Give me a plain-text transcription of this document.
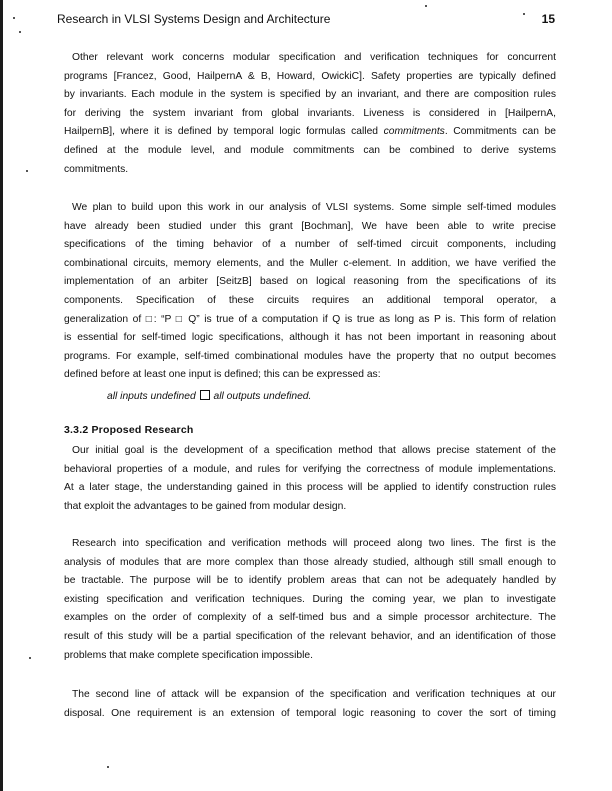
Research in VLSI Systems Design and Architecture	15
Other relevant work concerns modular specification and verification techniques for concurrent
programs [Francez, Good, HailpernA & B, Howard, OwickiC]. Safety properties are typically defined
by invariants. Each module in the system is specified by an invariant, and there are composition rules
for deriving the system invariant from global invariants. Liveness is considered in [HailpernA,
HailpernB], where it is defined by temporal logic formulas called commitments. Commitments can be
defined at the module level, and module commitments can be combined to derive systems
commitments.
We plan to build upon this work in our analysis of VLSI systems. Some simple self-timed modules
have already been studied under this grant [Bochman], We have been able to write precise
specifications of the timing behavior of a number of self-timed circuit components, including
combinational circuits, memory elements, and the Muller c-element. In addition, we have verified the
implementation of an arbiter [SeitzB] based on logical reasoning from the specifications of its
components. Specification of these circuits requires an additional temporal operator, a
generalization of □: “P □ Q” is true of a computation if Q is true as long as P is. This form of relation
is essential for self-timed logic specifications, although it has not been important in reasoning about
programs. For example, self-timed combinational modules have the property that no output becomes
defined before at least one input is defined; this can be expressed as:
all inputs undefined all outputs undefined.
3.3.2 Proposed Research
Our initial goal is the development of a specification method that allows precise statement of the
behavioral properties of a module, and rules for verifying the correctness of module implementations.
At a later stage, the understanding gained in this process will be applied to identify construction rules
that exploit the advantages to be gained from modular design.
Research into specification and verification methods will proceed along two lines. The first is the
analysis of modules that are more complex than those already studied, although still small enough to
be tractable. The purpose will be to identify problem areas that can not be adequately handled by
existing specification and verification techniques. During the coming year, we plan to investigate
examples on the order of complexity of a self-timed bus and a simple processor architecture. The
result of this study will be a partial specification of the relevant behavior, and an identification of those
problems that make complete specification impossible.
The second line of attack will be expansion of the specification and verification techniques at our
disposal. One requirement is an extension of temporal logic reasoning to cover the sort of timing
